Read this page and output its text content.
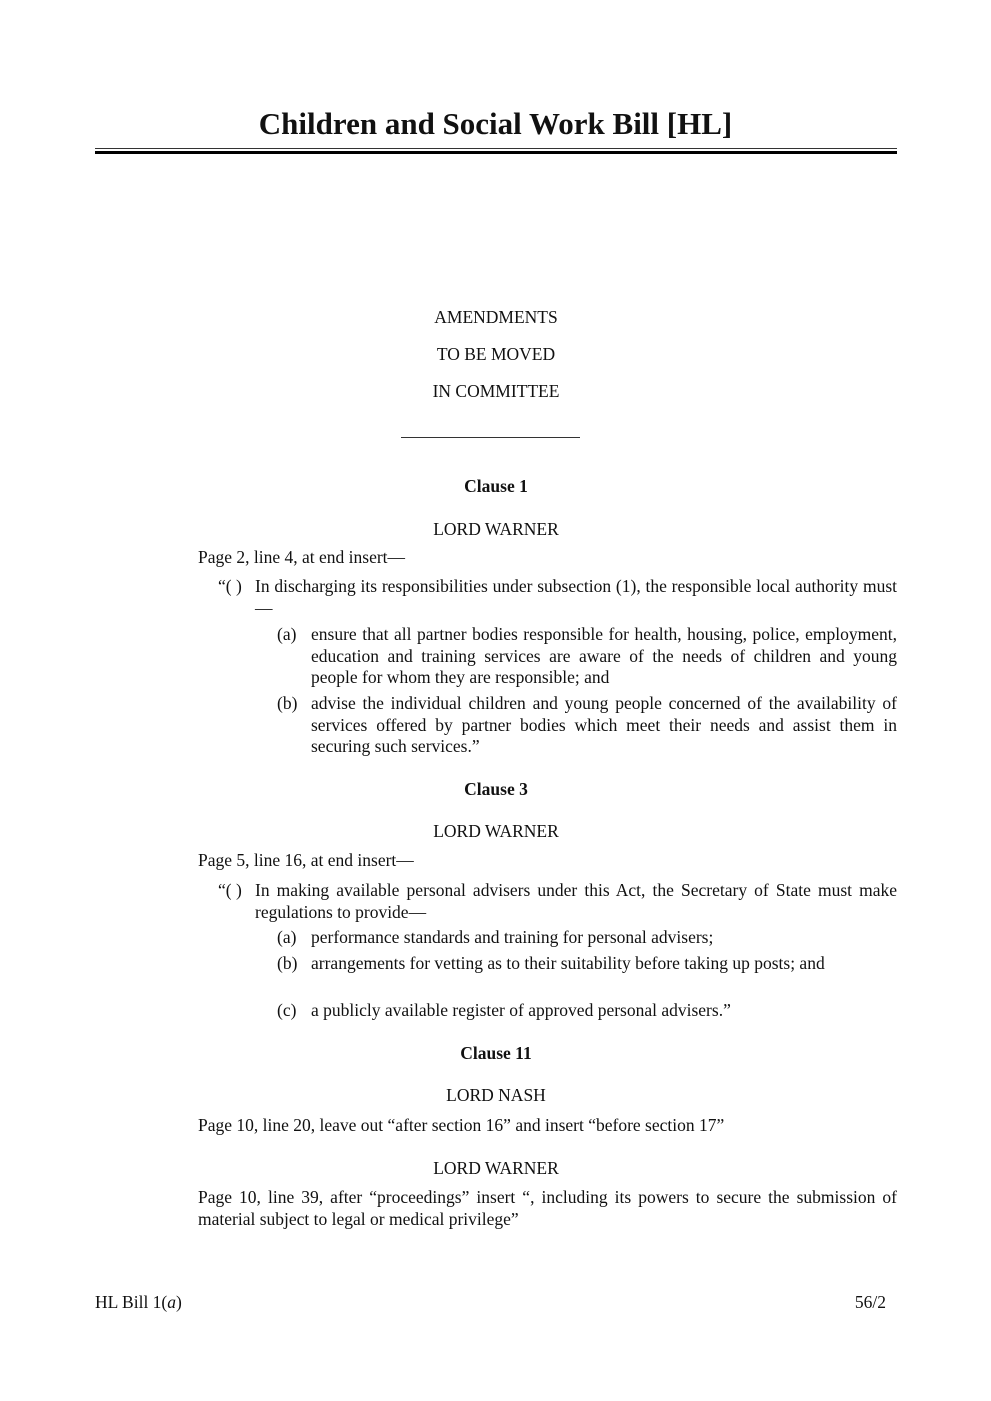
Children and Social Work Bill [HL]
AMENDMENTS
TO BE MOVED
IN COMMITTEE
Clause 1
LORD WARNER
Page 2, line 4, at end insert—
“( ) In discharging its responsibilities under subsection (1), the responsible local authority must—
(a) ensure that all partner bodies responsible for health, housing, police, employment, education and training services are aware of the needs of children and young people for whom they are responsible; and
(b) advise the individual children and young people concerned of the availability of services offered by partner bodies which meet their needs and assist them in securing such services.”
Clause 3
LORD WARNER
Page 5, line 16, at end insert—
“( ) In making available personal advisers under this Act, the Secretary of State must make regulations to provide—
(a) performance standards and training for personal advisers;
(b) arrangements for vetting as to their suitability before taking up posts; and
(c) a publicly available register of approved personal advisers.”
Clause 11
LORD NASH
Page 10, line 20, leave out “after section 16” and insert “before section 17”
LORD WARNER
Page 10, line 39, after “proceedings” insert “, including its powers to secure the submission of material subject to legal or medical privilege”
HL Bill 1(a)	56/2
